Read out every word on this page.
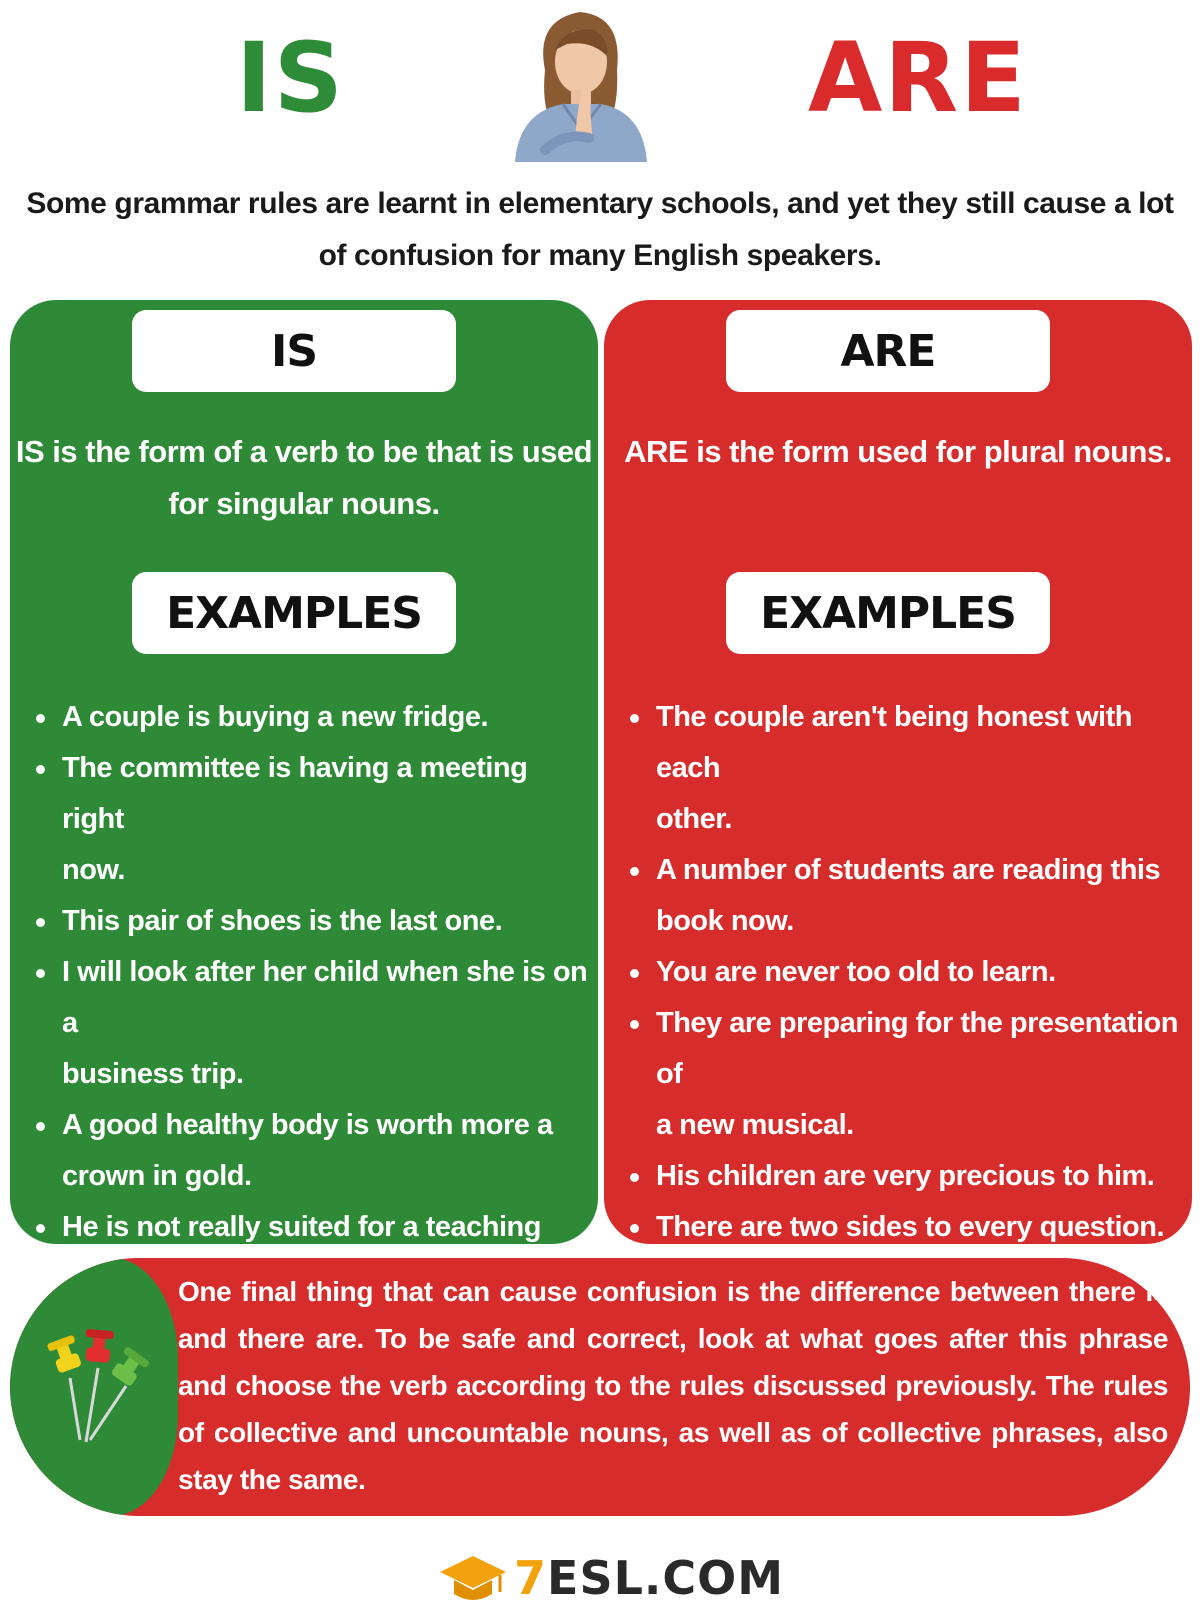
IS	ARE
Some grammar rules are learnt in elementary schools, and yet they still cause a lot
of confusion for many English speakers.
IS
IS is the form of a verb to be that is used
for singular nouns.
EXAMPLES
A couple is buying a new fridge.
The committee is having a meeting right
now.
This pair of shoes is the last one.
I will look after her child when she is on a
business trip.
A good healthy body is worth more a
crown in gold.
He is not really suited for a teaching
ARE
ARE is the form used for plural nouns.
EXAMPLES
The couple aren't being honest with each
other.
A number of students are reading this
book now.
You are never too old to learn.
They are preparing for the presentation of
a new musical.
His children are very precious to him.
There are two sides to every question.
One final thing that can cause confusion is the difference between there is
and there are. To be safe and correct, look at what goes after this phrase
and choose the verb according to the rules discussed previously. The rules
of collective and uncountable nouns, as well as of collective phrases, also
stay the same.
7ESL.COM
